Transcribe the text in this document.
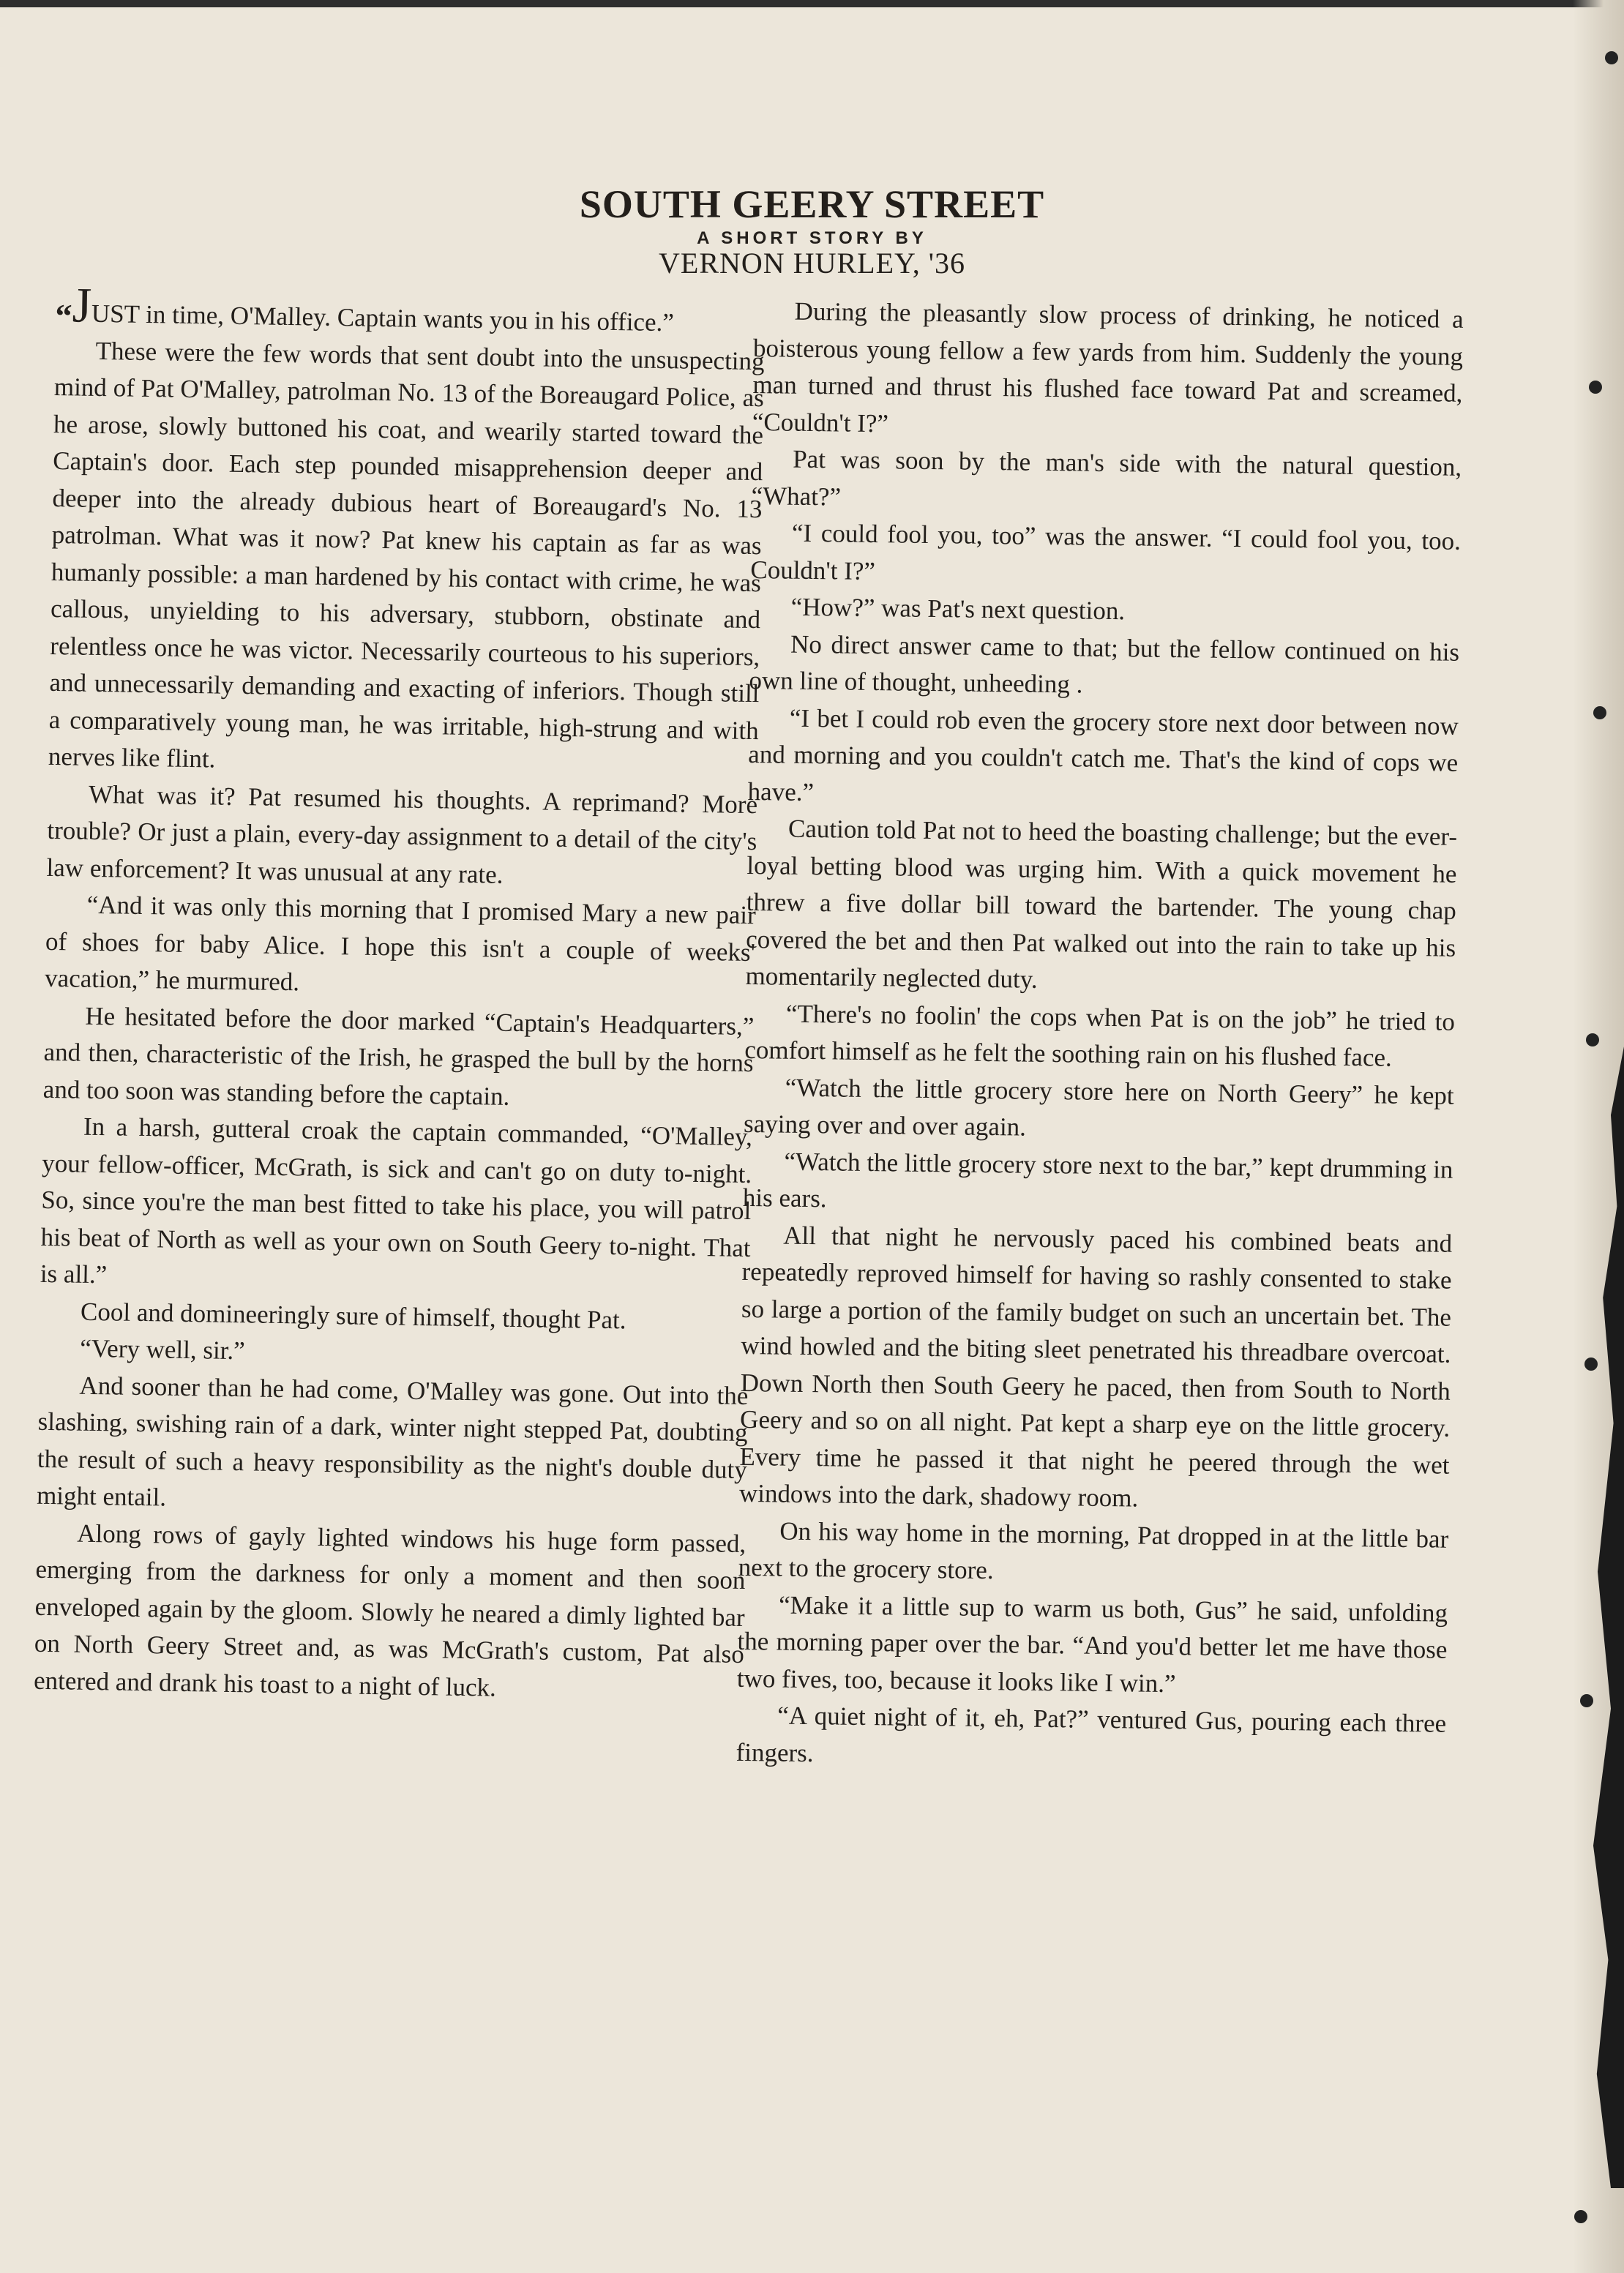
SOUTH GEERY STREET
A SHORT STORY BY
VERNON HURLEY, '36

“JUST in time, O'Malley. Captain wants you in his office.”

These were the few words that sent doubt into the unsuspecting mind of Pat O'Malley, patrolman No. 13 of the Boreaugard Police, as he arose, slowly buttoned his coat, and wearily started toward the Captain's door. Each step pounded misapprehension deeper and deeper into the already dubious heart of Boreaugard's No. 13 patrolman. What was it now? Pat knew his captain as far as was humanly possible: a man hardened by his contact with crime, he was callous, unyielding to his adversary, stubborn, obstinate and relentless once he was victor. Necessarily courteous to his superiors, and unnecessarily demanding and exacting of inferiors. Though still a comparatively young man, he was irritable, high-strung and with nerves like flint.

What was it? Pat resumed his thoughts. A reprimand? More trouble? Or just a plain, every-day assignment to a detail of the city's law enforcement? It was unusual at any rate.

“And it was only this morning that I promised Mary a new pair of shoes for baby Alice. I hope this isn't a couple of weeks' vacation,” he murmured.

He hesitated before the door marked “Captain's Headquarters,” and then, characteristic of the Irish, he grasped the bull by the horns and too soon was standing before the captain.

In a harsh, gutteral croak the captain commanded, “O'Malley, your fellow-officer, McGrath, is sick and can't go on duty to-night. So, since you're the man best fitted to take his place, you will patrol his beat of North as well as your own on South Geery to-night. That is all.”

Cool and domineeringly sure of himself, thought Pat.

“Very well, sir.”

And sooner than he had come, O'Malley was gone. Out into the slashing, swishing rain of a dark, winter night stepped Pat, doubting the result of such a heavy responsibility as the night's double duty might entail.

Along rows of gayly lighted windows his huge form passed, emerging from the darkness for only a moment and then soon enveloped again by the gloom. Slowly he neared a dimly lighted bar on North Geery Street and, as was McGrath's custom, Pat also entered and drank his toast to a night of luck.

During the pleasantly slow process of drinking, he noticed a boisterous young fellow a few yards from him. Suddenly the young man turned and thrust his flushed face toward Pat and screamed, “Couldn't I?”

Pat was soon by the man's side with the natural question, “What?”

“I could fool you, too” was the answer. “I could fool you, too. Couldn't I?”

“How?” was Pat's next question.

No direct answer came to that; but the fellow continued on his own line of thought, unheeding .

“I bet I could rob even the grocery store next door between now and morning and you couldn't catch me. That's the kind of cops we have.”

Caution told Pat not to heed the boasting challenge; but the ever-loyal betting blood was urging him. With a quick movement he threw a five dollar bill toward the bartender. The young chap covered the bet and then Pat walked out into the rain to take up his momentarily neglected duty.

“There's no foolin' the cops when Pat is on the job” he tried to comfort himself as he felt the soothing rain on his flushed face.

“Watch the little grocery store here on North Geery” he kept saying over and over again.

“Watch the little grocery store next to the bar,” kept drumming in his ears.

All that night he nervously paced his combined beats and repeatedly reproved himself for having so rashly consented to stake so large a portion of the family budget on such an uncertain bet. The wind howled and the biting sleet penetrated his threadbare overcoat. Down North then South Geery he paced, then from South to North Geery and so on all night. Pat kept a sharp eye on the little grocery. Every time he passed it that night he peered through the wet windows into the dark, shadowy room.

On his way home in the morning, Pat dropped in at the little bar next to the grocery store.

“Make it a little sup to warm us both, Gus” he said, unfolding the morning paper over the bar. “And you'd better let me have those two fives, too, because it looks like I win.”

“A quiet night of it, eh, Pat?” ventured Gus, pouring each three fingers.
